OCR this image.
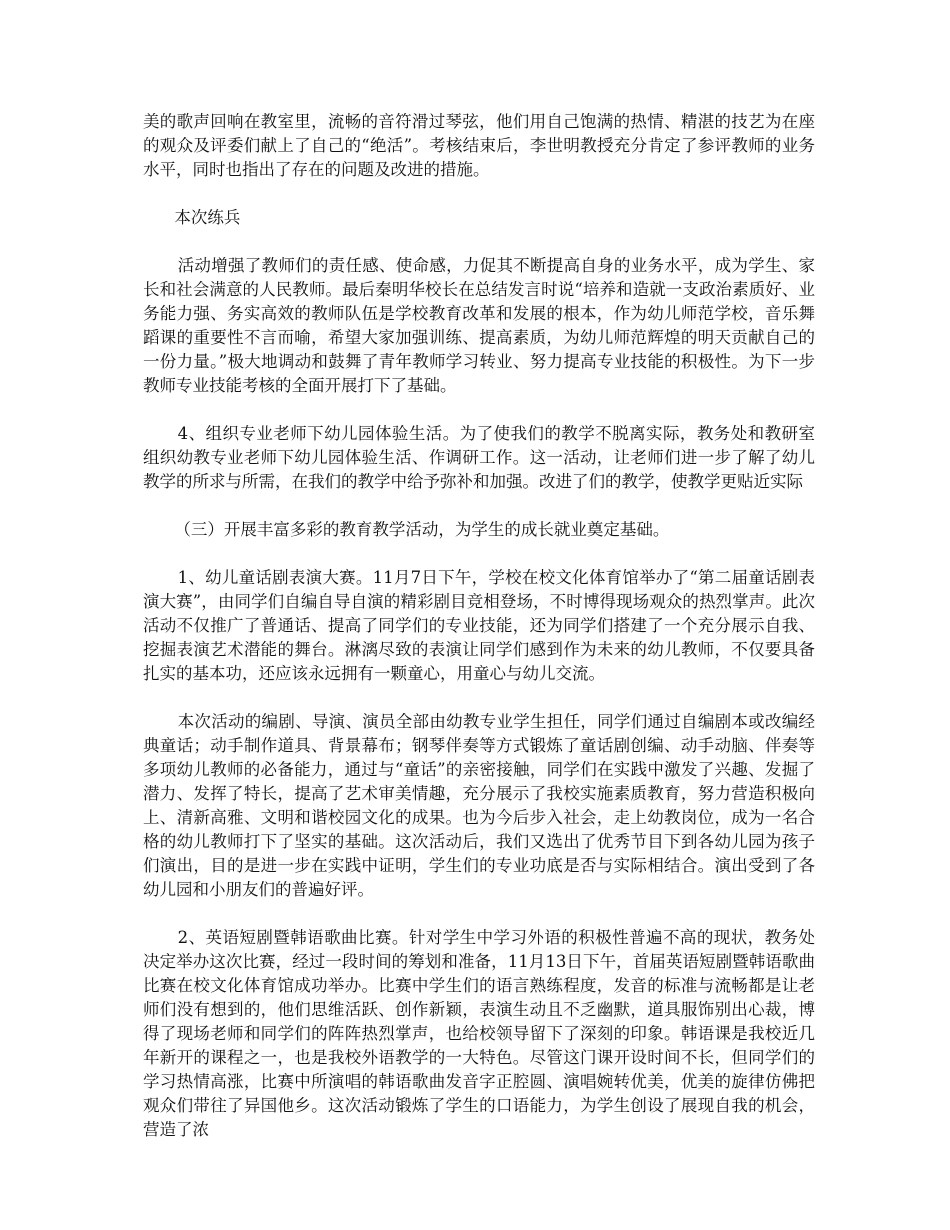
美的歌声回响在教室里，流畅的音符滑过琴弦，他们用自己饱满的热情、精湛的技艺为在座的观众及评委们献上了自己的“绝活”。考核结束后，李世明教授充分肯定了参评教师的业务水平，同时也指出了存在的问题及改进的措施。

本次练兵

活动增强了教师们的责任感、使命感，力促其不断提高自身的业务水平，成为学生、家长和社会满意的人民教师。最后秦明华校长在总结发言时说“培养和造就一支政治素质好、业务能力强、务实高效的教师队伍是学校教育改革和发展的根本，作为幼儿师范学校，音乐舞蹈课的重要性不言而喻，希望大家加强训练、提高素质，为幼儿师范辉煌的明天贡献自己的一份力量。”极大地调动和鼓舞了青年教师学习转业、努力提高专业技能的积极性。为下一步教师专业技能考核的全面开展打下了基础。

4、组织专业老师下幼儿园体验生活。为了使我们的教学不脱离实际，教务处和教研室组织幼教专业老师下幼儿园体验生活、作调研工作。这一活动，让老师们进一步了解了幼儿教学的所求与所需，在我们的教学中给予弥补和加强。改进了们的教学，使教学更贴近实际

（三）开展丰富多彩的教育教学活动，为学生的成长就业奠定基础。

1、幼儿童话剧表演大赛。11月7日下午，学校在校文化体育馆举办了“第二届童话剧表演大赛”，由同学们自编自导自演的精彩剧目竞相登场，不时博得现场观众的热烈掌声。此次活动不仅推广了普通话、提高了同学们的专业技能，还为同学们搭建了一个充分展示自我、挖掘表演艺术潜能的舞台。淋漓尽致的表演让同学们感到作为未来的幼儿教师，不仅要具备扎实的基本功，还应该永远拥有一颗童心，用童心与幼儿交流。

本次活动的编剧、导演、演员全部由幼教专业学生担任，同学们通过自编剧本或改编经典童话；动手制作道具、背景幕布；钢琴伴奏等方式锻炼了童话剧创编、动手动脑、伴奏等多项幼儿教师的必备能力，通过与“童话”的亲密接触，同学们在实践中激发了兴趣、发掘了潜力、发挥了特长，提高了艺术审美情趣，充分展示了我校实施素质教育，努力营造积极向上、清新高雅、文明和谐校园文化的成果。也为今后步入社会，走上幼教岗位，成为一名合格的幼儿教师打下了坚实的基础。这次活动后，我们又选出了优秀节目下到各幼儿园为孩子们演出，目的是进一步在实践中证明，学生们的专业功底是否与实际相结合。演出受到了各幼儿园和小朋友们的普遍好评。

2、英语短剧暨韩语歌曲比赛。针对学生中学习外语的积极性普遍不高的现状，教务处决定举办这次比赛，经过一段时间的筹划和准备，11月13日下午，首届英语短剧暨韩语歌曲比赛在校文化体育馆成功举办。比赛中学生们的语言熟练程度，发音的标准与流畅都是让老师们没有想到的，他们思维活跃、创作新颖，表演生动且不乏幽默，道具服饰别出心裁，博得了现场老师和同学们的阵阵热烈掌声，也给校领导留下了深刻的印象。韩语课是我校近几年新开的课程之一，也是我校外语教学的一大特色。尽管这门课开设时间不长，但同学们的学习热情高涨，比赛中所演唱的韩语歌曲发音字正腔圆、演唱婉转优美，优美的旋律仿佛把观众们带往了异国他乡。这次活动锻炼了学生的口语能力，为学生创设了展现自我的机会，营造了浓
